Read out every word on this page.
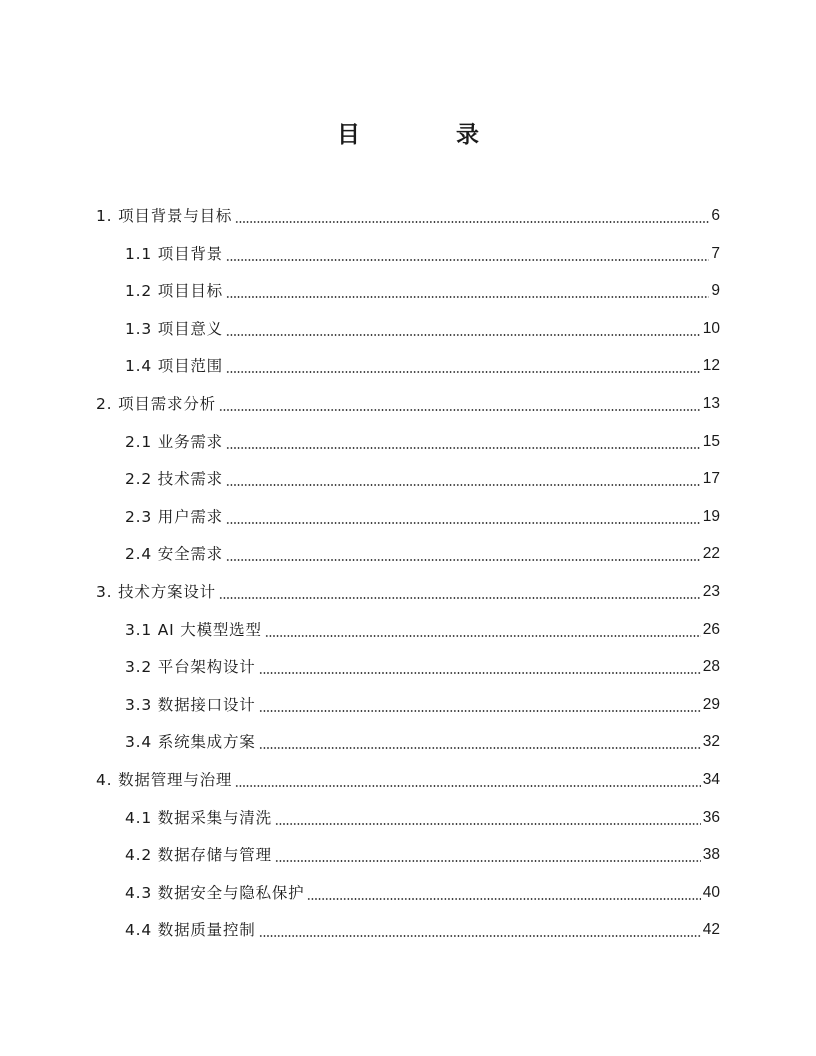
目 录
1. 项目背景与目标	6
1.1 项目背景	7
1.2 项目目标	9
1.3 项目意义	10
1.4 项目范围	12
2. 项目需求分析	13
2.1 业务需求	15
2.2 技术需求	17
2.3 用户需求	19
2.4 安全需求	22
3. 技术方案设计	23
3.1 AI 大模型选型	26
3.2 平台架构设计	28
3.3 数据接口设计	29
3.4 系统集成方案	32
4. 数据管理与治理	34
4.1 数据采集与清洗	36
4.2 数据存储与管理	38
4.3 数据安全与隐私保护	40
4.4 数据质量控制	42
